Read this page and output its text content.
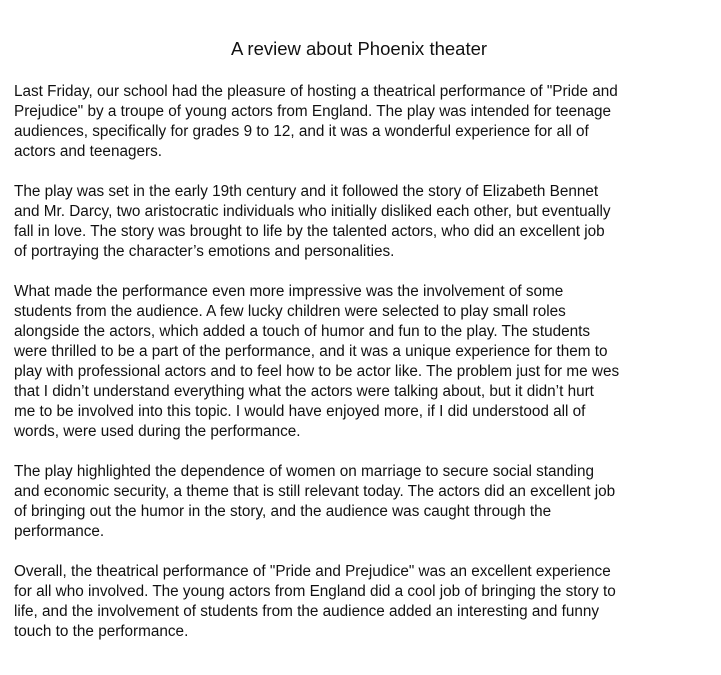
A review about Phoenix theater

Last Friday, our school had the pleasure of hosting a theatrical performance of "Pride and
Prejudice" by a troupe of young actors from England. The play was intended for teenage
audiences, specifically for grades 9 to 12, and it was a wonderful experience for all of
actors and teenagers.

The play was set in the early 19th century and it followed the story of Elizabeth Bennet
and Mr. Darcy, two aristocratic individuals who initially disliked each other, but eventually
fall in love. The story was brought to life by the talented actors, who did an excellent job
of portraying the character’s emotions and personalities.

What made the performance even more impressive was the involvement of some
students from the audience. A few lucky children were selected to play small roles
alongside the actors, which added a touch of humor and fun to the play. The students
were thrilled to be a part of the performance, and it was a unique experience for them to
play with professional actors and to feel how to be actor like. The problem just for me wes
that I didn’t understand everything what the actors were talking about, but it didn’t hurt
me to be involved into this topic. I would have enjoyed more, if I did understood all of
words, were used during the performance.

The play highlighted the dependence of women on marriage to secure social standing
and economic security, a theme that is still relevant today. The actors did an excellent job
of bringing out the humor in the story, and the audience was caught through the
performance.

Overall, the theatrical performance of "Pride and Prejudice" was an excellent experience
for all who involved. The young actors from England did a cool job of bringing the story to
life, and the involvement of students from the audience added an interesting and funny
touch to the performance.
